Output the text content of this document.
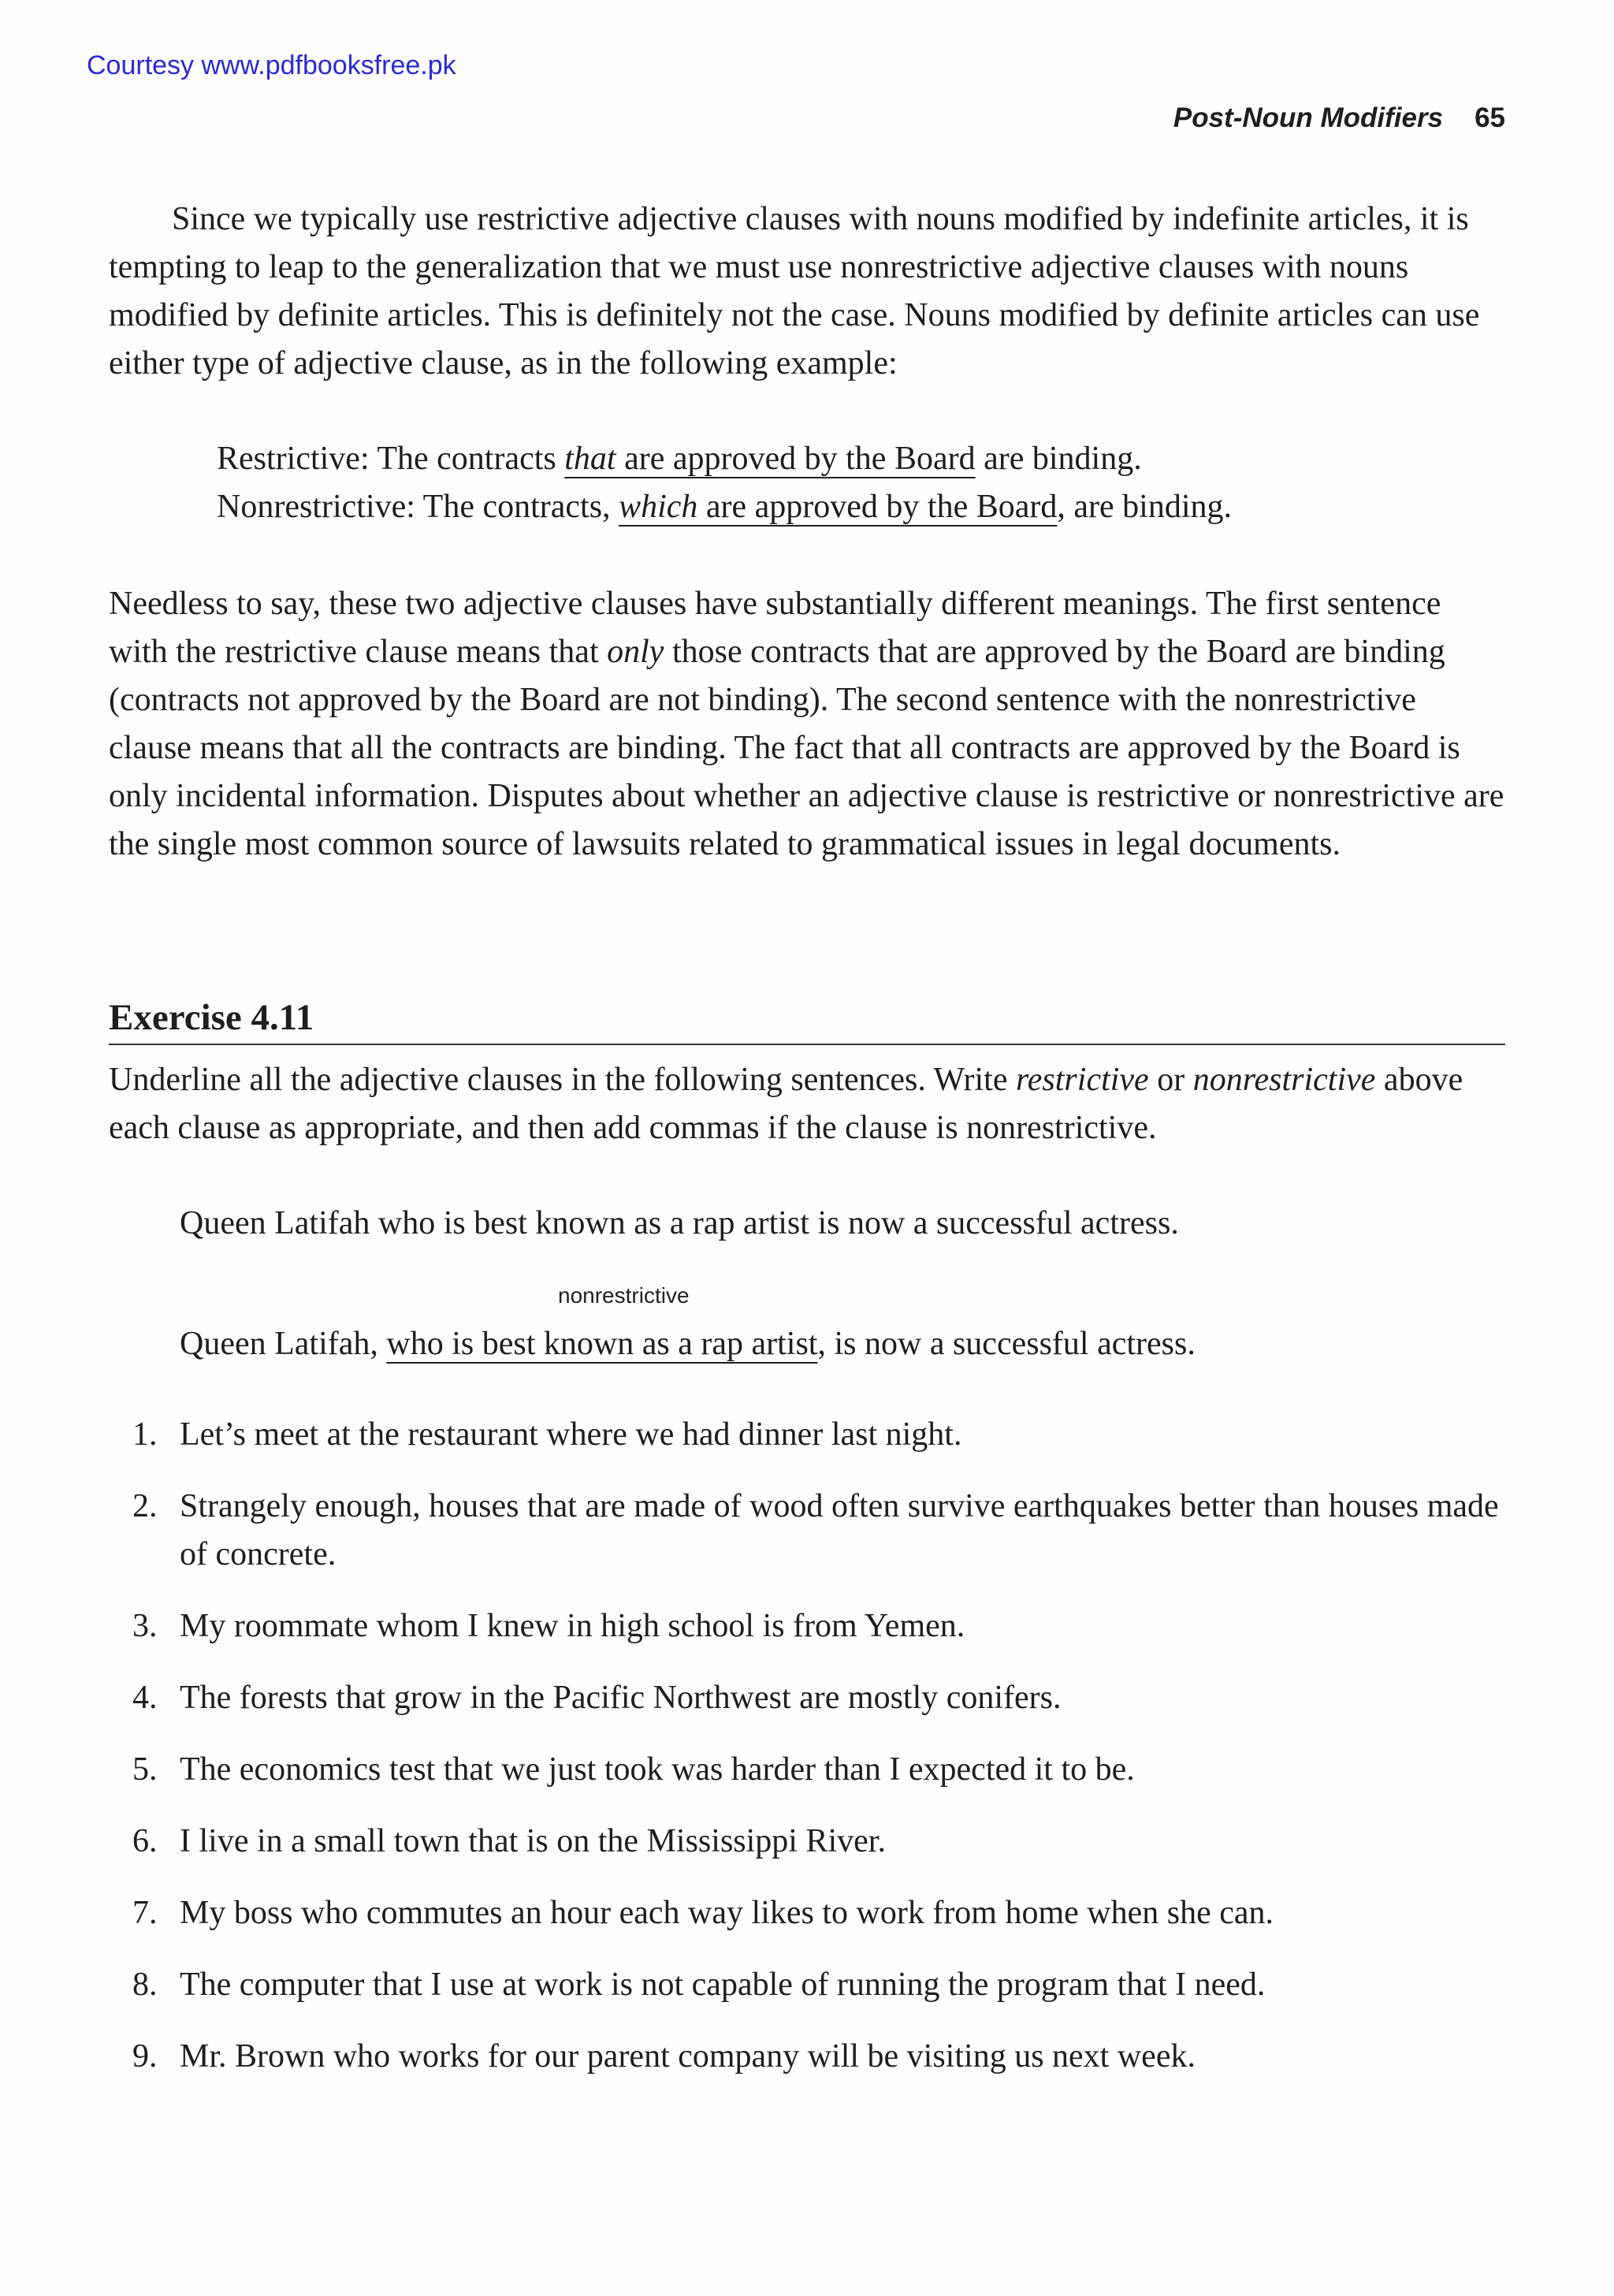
Courtesy www.pdfbooksfree.pk
Post-Noun Modifiers 65

Since we typically use restrictive adjective clauses with nouns modified by indefinite articles, it is tempting to leap to the generalization that we must use nonrestrictive adjective clauses with nouns modified by definite articles. This is definitely not the case. Nouns modified by definite articles can use either type of adjective clause, as in the following example:

Restrictive: The contracts that are approved by the Board are binding.
Nonrestrictive: The contracts, which are approved by the Board, are binding.

Needless to say, these two adjective clauses have substantially different meanings. The first sentence with the restrictive clause means that only those contracts that are approved by the Board are binding (contracts not approved by the Board are not binding). The second sentence with the nonrestrictive clause means that all the contracts are binding. The fact that all contracts are approved by the Board is only incidental information. Disputes about whether an adjective clause is restrictive or nonrestrictive are the single most common source of lawsuits related to grammatical issues in legal documents.

Exercise 4.11

Underline all the adjective clauses in the following sentences. Write restrictive or nonrestrictive above each clause as appropriate, and then add commas if the clause is nonrestrictive.

Queen Latifah who is best known as a rap artist is now a successful actress.
nonrestrictive
Queen Latifah, who is best known as a rap artist, is now a successful actress.
1. Let’s meet at the restaurant where we had dinner last night.
2. Strangely enough, houses that are made of wood often survive earthquakes better than houses made of concrete.
3. My roommate whom I knew in high school is from Yemen.
4. The forests that grow in the Pacific Northwest are mostly conifers.
5. The economics test that we just took was harder than I expected it to be.
6. I live in a small town that is on the Mississippi River.
7. My boss who commutes an hour each way likes to work from home when she can.
8. The computer that I use at work is not capable of running the program that I need.
9. Mr. Brown who works for our parent company will be visiting us next week.
